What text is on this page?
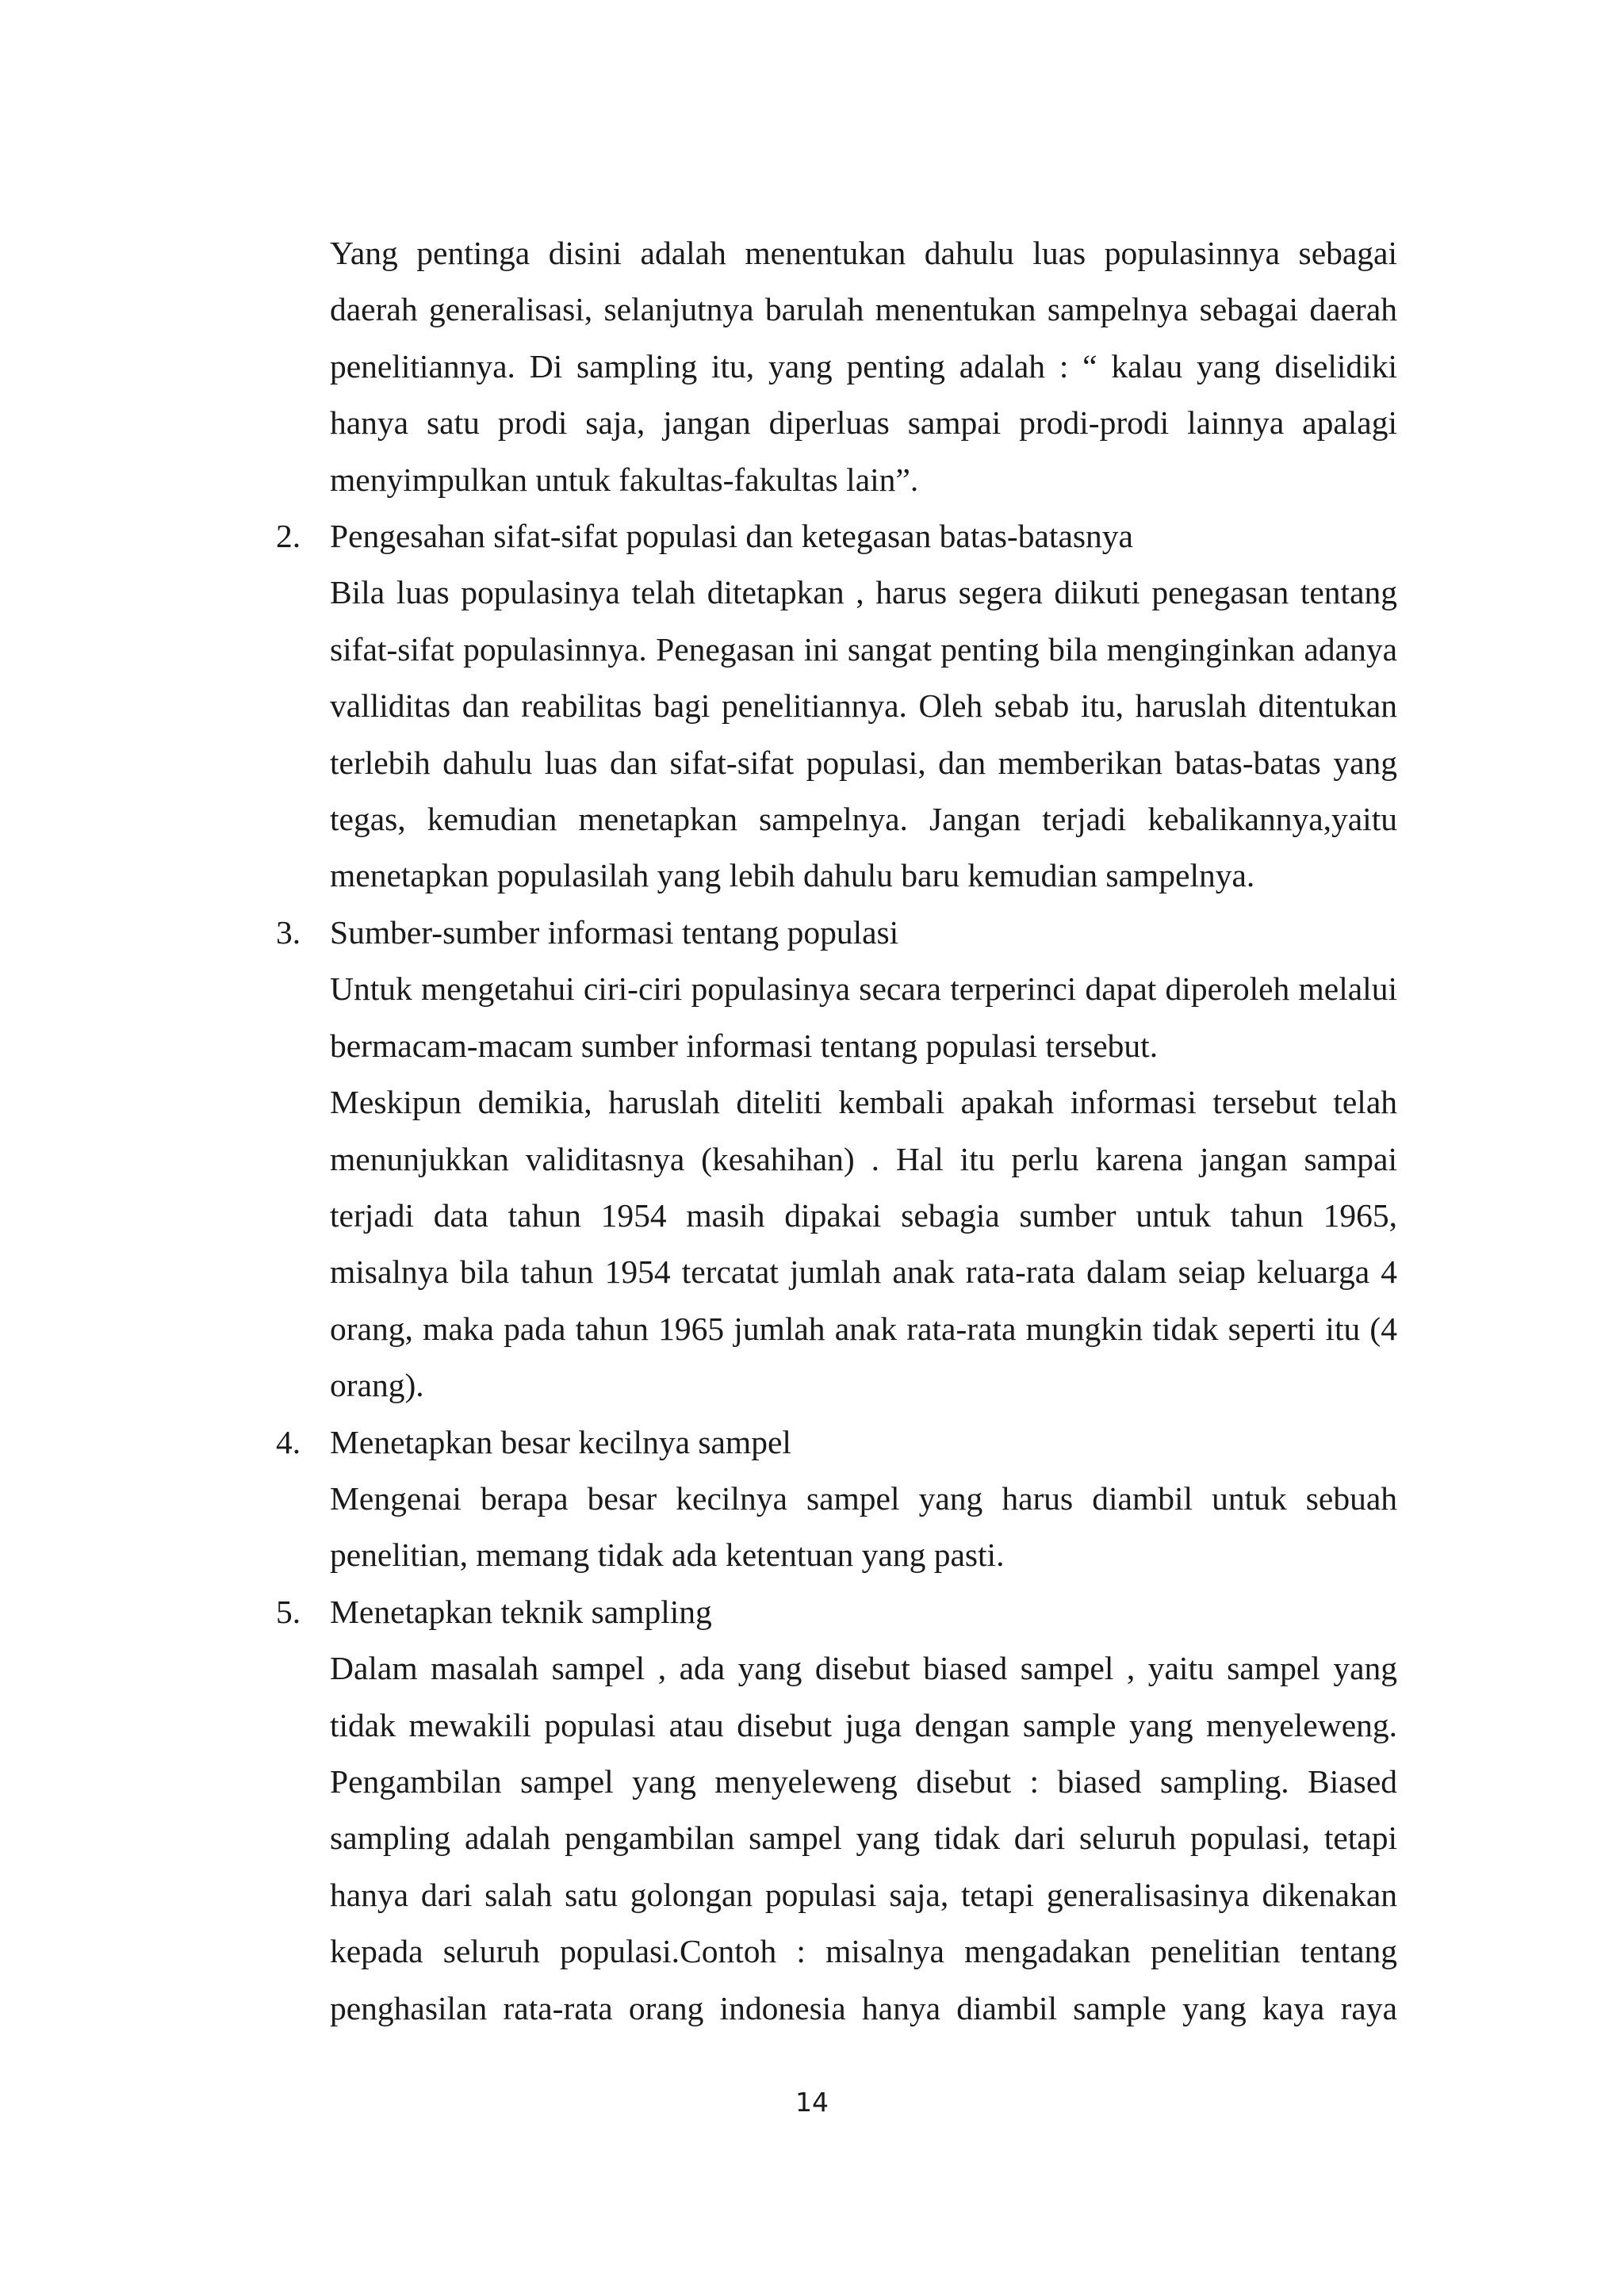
Yang pentinga disini adalah menentukan dahulu luas populasinnya sebagai daerah generalisasi, selanjutnya barulah menentukan sampelnya sebagai daerah penelitiannya. Di sampling itu, yang penting adalah : “ kalau yang diselidiki hanya satu prodi saja, jangan diperluas sampai prodi-prodi lainnya apalagi menyimpulkan untuk fakultas-fakultas lain”.

2. Pengesahan sifat-sifat populasi dan ketegasan batas-batasnya

Bila luas populasinya telah ditetapkan , harus segera diikuti penegasan tentang sifat-sifat populasinnya. Penegasan ini sangat penting bila menginginkan adanya valliditas dan reabilitas bagi penelitiannya. Oleh sebab itu, haruslah ditentukan terlebih dahulu luas dan sifat-sifat populasi, dan memberikan batas-batas yang tegas, kemudian menetapkan sampelnya. Jangan terjadi kebalikannya,yaitu menetapkan populasilah yang lebih dahulu baru kemudian sampelnya.

3. Sumber-sumber informasi tentang populasi

Untuk mengetahui ciri-ciri populasinya secara terperinci dapat diperoleh melalui bermacam-macam sumber informasi tentang populasi tersebut.

Meskipun demikia, haruslah diteliti kembali apakah informasi tersebut telah menunjukkan validitasnya (kesahihan) . Hal itu perlu karena jangan sampai terjadi data tahun 1954 masih dipakai sebagia sumber untuk tahun 1965, misalnya bila tahun 1954 tercatat jumlah anak rata-rata dalam seiap keluarga 4 orang, maka pada tahun 1965 jumlah anak rata-rata mungkin tidak seperti itu (4 orang).

4. Menetapkan besar kecilnya sampel

Mengenai berapa besar kecilnya sampel yang harus diambil untuk sebuah penelitian, memang tidak ada ketentuan yang pasti.

5. Menetapkan teknik sampling

Dalam masalah sampel , ada yang disebut biased sampel , yaitu sampel yang tidak mewakili populasi atau disebut juga dengan sample yang menyeleweng. Pengambilan sampel yang menyeleweng disebut : biased sampling. Biased sampling adalah pengambilan sampel yang tidak dari seluruh populasi, tetapi hanya dari salah satu golongan populasi saja, tetapi generalisasinya dikenakan kepada seluruh populasi.Contoh : misalnya mengadakan penelitian tentang penghasilan rata-rata orang indonesia hanya diambil sample yang kaya raya

14
